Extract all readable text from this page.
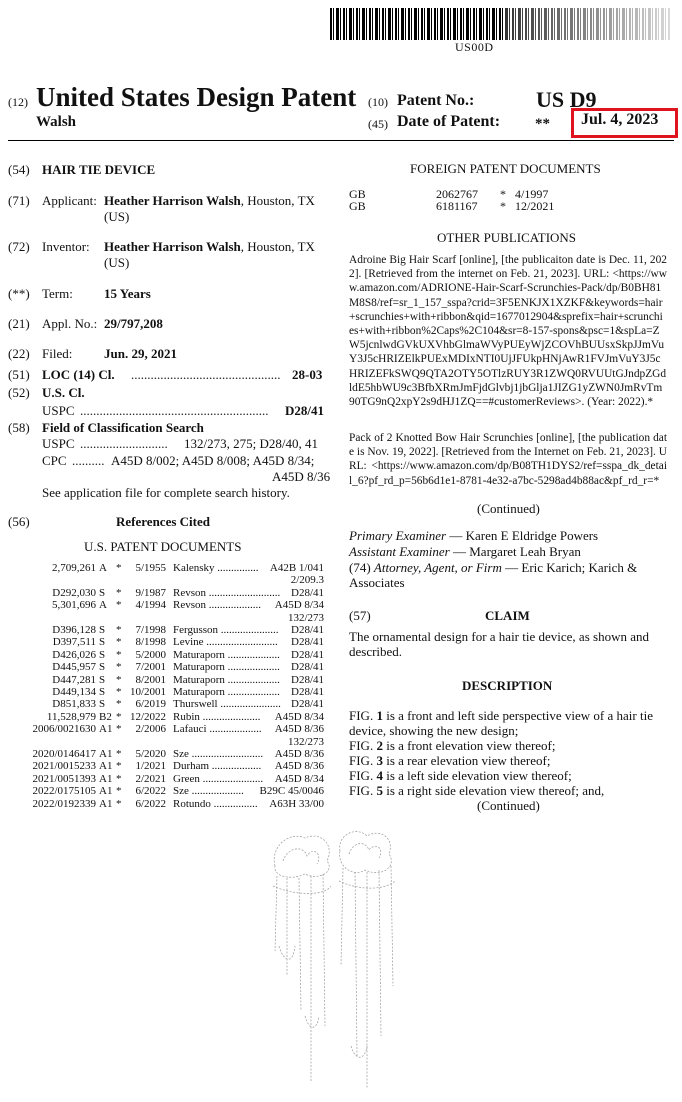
US00D
(12) United States Design Patent
Walsh
(10) Patent No.:	US D9
(45) Date of Patent: ** Jul. 4, 2023
(54) HAIR TIE DEVICE
(71) Applicant: Heather Harrison Walsh, Houston, TX
(US)
(72) Inventor: Heather Harrison Walsh, Houston, TX
(US)
(**) Term: 15 Years
(21) Appl. No.: 29/797,208
(22) Filed: Jun. 29, 2021
(51) LOC (14) Cl. .............................................. 28-03
(52) U.S. Cl.
USPC .......................................................... D28/41
(58) Field of Classification Search
USPC ........................... 132/273, 275; D28/40, 41
CPC .......... A45D 8/002; A45D 8/008; A45D 8/34;
A45D 8/36
See application file for complete search history.
(56)	References Cited
U.S. PATENT DOCUMENTS
2,709,261 A *	5/1955 Kalensky ...............	A42B 1/041
2/209.3
D292,030 S *	9/1987 Revson .......................... D28/41
5,301,696 A *	4/1994 Revson ...................	A45D 8/34
132/273
D396,128 S *	7/1998 Fergusson .....................	D28/41
D397,511 S *	8/1998 Levine ..........................	D28/41
D426,026 S *	5/2000 Maturaporn ...................	D28/41
D445,957 S *	7/2001 Maturaporn ...................	D28/41
D447,281 S *	8/2001 Maturaporn ...................	D28/41
D449,134 S * 10/2001 Maturaporn ...................	D28/41
D851,833 S *	6/2019 Thurswell ...................... D28/41
11,528,979 B2 * 12/2022 Rubin .....................	A45D 8/34
2006/0021630 A1 *	2/2006 Lafauci ...................	A45D 8/36
132/273
2020/0146417 A1 *	5/2020 Sze ..........................	A45D 8/36
2021/0015233 A1 *	1/2021 Durham ..................	A45D 8/36
2021/0051393 A1 *	2/2021 Green ......................	A45D 8/34
2022/0175105 A1 *	6/2022 Sze ...................	B29C 45/0046
2022/0192339 A1 *	6/2022 Rotundo ................	A63H 33/00
FOREIGN PATENT DOCUMENTS
GB	2062767 * 4/1997
GB	6181167 * 12/2021
OTHER PUBLICATIONS
Adroine Big Hair Scarf [online], [the publicaiton date is Dec. 11, 2022]. [Retrieved from the internet on Feb. 21, 2023]. URL: <https://www.amazon.com/ADRIONE-Hair-Scarf-Scrunchies-Pack/dp/B0BH81M8S8/ref=sr_1_157_sspa?crid=3F5ENKJX1XZKF&keywords=hair+scrunchies+with+ribbon&qid=1677012904&sprefix=hair+scrunchies+with+ribbon%2Caps%2C104&sr=8-157-spons&psc=1&spLa=ZW5jcnlwdGVkUXVhbGlmaWVyPUEyWjZCOVhBUUsxSkpJJmVuY3J5cHRIZElkPUExMDIxNTI0UjJFUkpHNjAwR1FVJmVuY3J5c HRIZEFkSWQ9QTA2OTY5OTlzRUY3R1ZWQ0RVUUtGJndpZGdldE5hbWU9c3BfbXRmJmFjdGlvbj1jbGlja1JIZG1yZWN0JmRvTm90TG9nQ2xpY2s9dHJ1ZQ==#customerReviews>. (Year: 2022).*
Pack of 2 Knotted Bow Hair Scrunchies [online], [the publication date is Nov. 19, 2022]. [Retrieved from the Internet on Feb. 21, 2023]. URL: <https://www.amazon.com/dp/B08TH1DYS2/ref=sspa_dk_detail_6?pf_rd_p=56b6d1e1-8781-4e32-a7bc-5298ad4b88ac&pf_rd_r=*
(Continued)
Primary Examiner — Karen E Eldridge Powers
Assistant Examiner — Margaret Leah Bryan
(74) Attorney, Agent, or Firm — Eric Karich; Karich &
Associates
(57)	CLAIM
The ornamental design for a hair tie device, as shown and described.
DESCRIPTION
FIG. 1 is a front and left side perspective view of a hair tie device, showing the new design;
FIG. 2 is a front elevation view thereof;
FIG. 3 is a rear elevation view thereof;
FIG. 4 is a left side elevation view thereof;
FIG. 5 is a right side elevation view thereof; and,
(Continued)
